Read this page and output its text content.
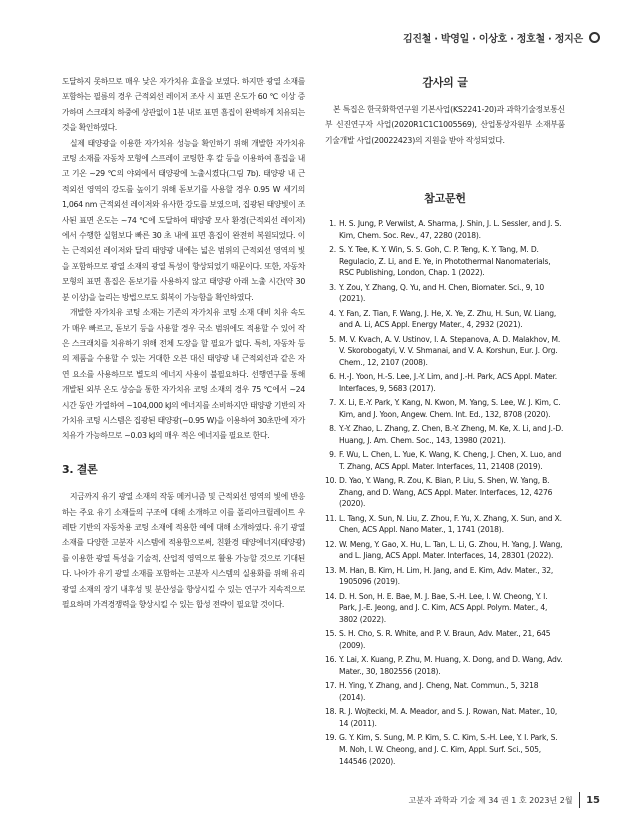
김진철 · 박영일 · 이상호 · 정호철 · 정지은

도달하지 못하므로 매우 낮은 자가치유 효율을 보였다. 하지만 광열 소재를 포함하는 필름의 경우 근적외선 레이저 조사 시 표면 온도가 60 ℃ 이상 증가하며 스크래치 하중에 상관없이 1분 내로 표면 흠집이 완벽하게 치유되는 것을 확인하였다.

실제 태양광을 이용한 자가치유 성능을 확인하기 위해 개발한 자가치유 코팅 소재를 자동차 모형에 스프레이 코팅한 후 칼 등을 이용하여 흠집을 내고 기온 ~29 ℃의 야외에서 태양광에 노출시켰다(그림 7b). 태양광 내 근적외선 영역의 강도를 높이기 위해 돋보기를 사용할 경우 0.95 W 세기의 1,064 nm 근적외선 레이저와 유사한 강도를 보였으며, 집광된 태양빛이 조사된 표면 온도는 ~74 ℃에 도달하여 태양광 모사 환경(근적외선 레이저)에서 수행한 실험보다 빠른 30 초 내에 표면 흠집이 완전히 복원되었다. 이는 근적외선 레이저와 달리 태양광 내에는 넓은 범위의 근적외선 영역의 빛을 포함하므로 광열 소재의 광열 특성이 향상되었기 때문이다. 또한, 자동차 모형의 표면 흠집은 돋보기를 사용하지 않고 태양광 아래 노출 시간(약 30분 이상)을 늘리는 방법으로도 회복이 가능함을 확인하였다.

개발한 자가치유 코팅 소재는 기존의 자가치유 코팅 소재 대비 치유 속도가 매우 빠르고, 돋보기 등을 사용할 경우 국소 범위에도 적용할 수 있어 작은 스크래치를 치유하기 위해 전체 도장을 할 필요가 없다. 특히, 자동차 등의 제품을 수용할 수 있는 거대한 오븐 대신 태양광 내 근적외선과 같은 자연 요소를 사용하므로 별도의 에너지 사용이 불필요하다. 선행연구를 통해 개발된 외부 온도 상승을 통한 자가치유 코팅 소재의 경우 75 ℃에서 ~24시간 동안 가열하여 ~104,000 kJ의 에너지를 소비하지만 태양광 기반의 자가치유 코팅 시스템은 집광된 태양광(~0.95 W)을 이용하여 30초만에 자가치유가 가능하므로 ~0.03 kJ의 매우 적은 에너지를 필요로 한다.

3. 결론

지금까지 유기 광열 소재의 작동 메커니즘 및 근적외선 영역의 빛에 반응하는 주요 유기 소재들의 구조에 대해 소개하고 이를 폴리아크릴레이트 우레탄 기반의 자동차용 코팅 소재에 적용한 예에 대해 소개하였다. 유기 광열 소재를 다양한 고분자 시스템에 적용함으로써, 친환경 태양에너지(태양광)를 이용한 광열 특성을 기술적, 산업적 영역으로 활용 가능할 것으로 기대된다. 나아가 유기 광열 소재를 포함하는 고분자 시스템의 실용화를 위해 유리 광열 소재의 장기 내후성 및 분산성을 향상시킬 수 있는 연구가 지속적으로 필요하며 가격경쟁력을 향상시킬 수 있는 합성 전략이 필요할 것이다.

감사의 글

본 특집은 한국화학연구원 기본사업(KS2241-20)과 과학기술정보통신부 신진연구자 사업(2020R1C1C1005569), 산업통상자원부 소재부품 기술개발 사업(20022423)의 지원을 받아 작성되었다.

참고문헌
1. H. S. Jung, P. Verwilst, A. Sharma, J. Shin, J. L. Sessler, and J. S. Kim, Chem. Soc. Rev., 47, 2280 (2018).
2. S. Y. Tee, K. Y. Win, S. S. Goh, C. P. Teng, K. Y. Tang, M. D. Regulacio, Z. Li, and E. Ye, in Photothermal Nanomaterials, RSC Publishing, London, Chap. 1 (2022).
3. Y. Zou, Y. Zhang, Q. Yu, and H. Chen, Biomater. Sci., 9, 10 (2021).
4. Y. Fan, Z. Tian, F. Wang, J. He, X. Ye, Z. Zhu, H. Sun, W. Liang, and A. Li, ACS Appl. Energy Mater., 4, 2932 (2021).
5. M. V. Kvach, A. V. Ustinov, I. A. Stepanova, A. D. Malakhov, M. V. Skorobogatyi, V. V. Shmanai, and V. A. Korshun, Eur. J. Org. Chem., 12, 2107 (2008).
6. H.-J. Yoon, H.-S. Lee, J.-Y. Lim, and J.-H. Park, ACS Appl. Mater. Interfaces, 9, 5683 (2017).
7. X. Li, E.-Y. Park, Y. Kang, N. Kwon, M. Yang, S. Lee, W. J. Kim, C. Kim, and J. Yoon, Angew. Chem. Int. Ed., 132, 8708 (2020).
8. Y.-Y. Zhao, L. Zhang, Z. Chen, B.-Y. Zheng, M. Ke, X. Li, and J.-D. Huang, J. Am. Chem. Soc., 143, 13980 (2021).
9. F. Wu, L. Chen, L. Yue, K. Wang, K. Cheng, J. Chen, X. Luo, and T. Zhang, ACS Appl. Mater. Interfaces, 11, 21408 (2019).
10. D. Yao, Y. Wang, R. Zou, K. Bian, P. Liu, S. Shen, W. Yang, B. Zhang, and D. Wang, ACS Appl. Mater. Interfaces, 12, 4276 (2020).
11. L. Tang, X. Sun, N. Liu, Z. Zhou, F. Yu, X. Zhang, X. Sun, and X. Chen, ACS Appl. Nano Mater., 1, 1741 (2018).
12. W. Meng, Y. Gao, X. Hu, L. Tan, L. Li, G. Zhou, H. Yang, J. Wang, and L. Jiang, ACS Appl. Mater. Interfaces, 14, 28301 (2022).
13. M. Han, B. Kim, H. Lim, H. Jang, and E. Kim, Adv. Mater., 32, 1905096 (2019).
14. D. H. Son, H. E. Bae, M. J. Bae, S.-H. Lee, I. W. Cheong, Y. I. Park, J.-E. Jeong, and J. C. Kim, ACS Appl. Polym. Mater., 4, 3802 (2022).
15. S. H. Cho, S. R. White, and P. V. Braun, Adv. Mater., 21, 645 (2009).
16. Y. Lai, X. Kuang, P. Zhu, M. Huang, X. Dong, and D. Wang, Adv. Mater., 30, 1802556 (2018).
17. H. Ying, Y. Zhang, and J. Cheng, Nat. Commun., 5, 3218 (2014).
18. R. J. Wojtecki, M. A. Meador, and S. J. Rowan, Nat. Mater., 10, 14 (2011).
19. G. Y. Kim, S. Sung, M. P. Kim, S. C. Kim, S.-H. Lee, Y. I. Park, S. M. Noh, I. W. Cheong, and J. C. Kim, Appl. Surf. Sci., 505, 144546 (2020).
고분자 과학과 기술 제 34 권 1 호 2023년 2월 15
